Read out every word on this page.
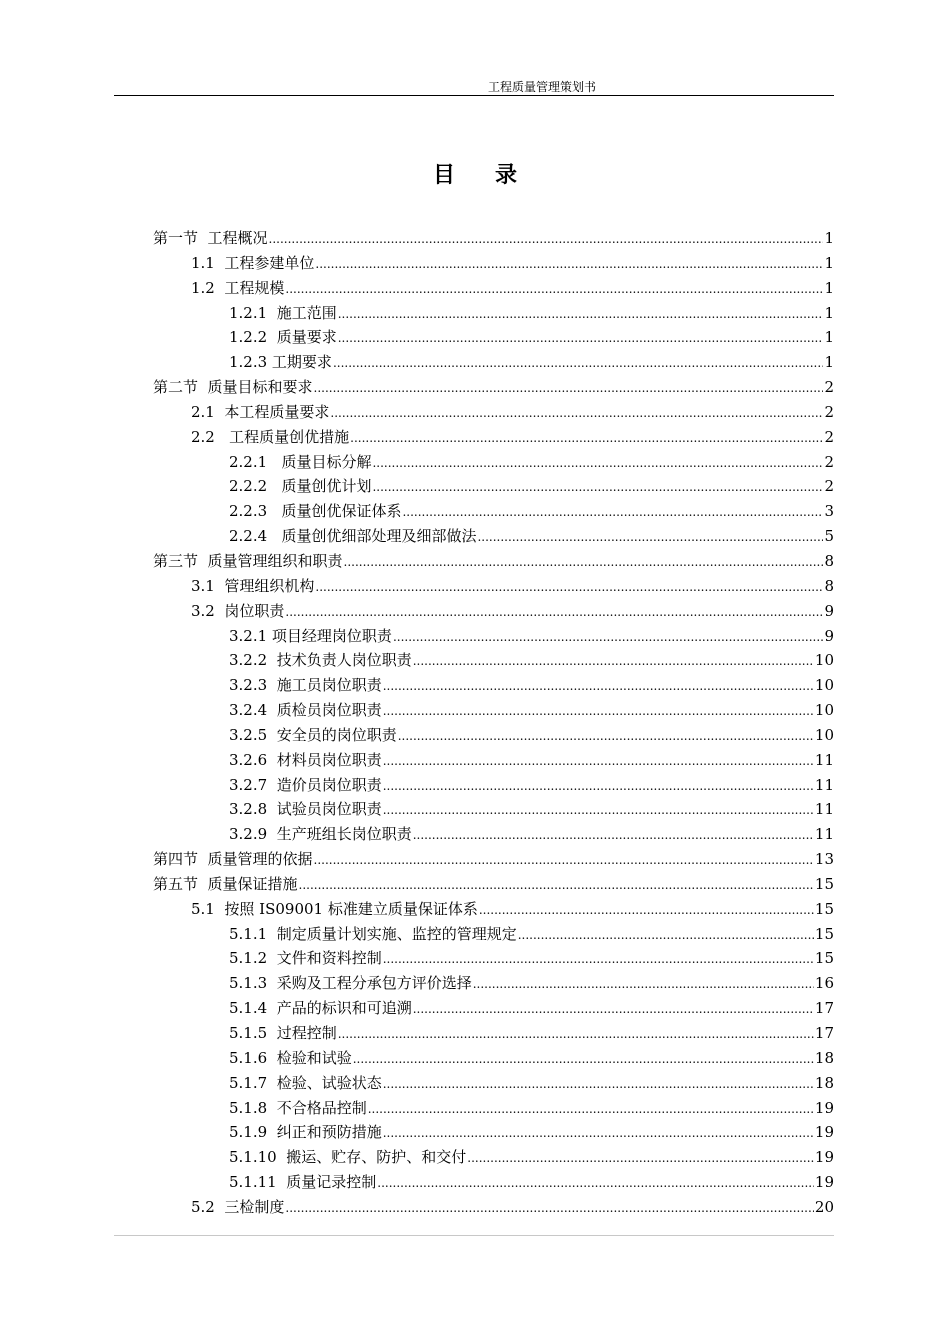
工程质量管理策划书
目录
第一节  工程概况 .....	1
1.1  工程参建单位 .....	1
1.2  工程规模 .....	1
1.2.1  施工范围 .....	1
1.2.2  质量要求 .....	1
1.2.3 工期要求 .....	1
第二节  质量目标和要求 .....	2
2.1  本工程质量要求 .....	2
2.2   工程质量创优措施 .....	2
2.2.1   质量目标分解 .....	2
2.2.2   质量创优计划 .....	2
2.2.3   质量创优保证体系 .....	3
2.2.4   质量创优细部处理及细部做法 .....	5
第三节  质量管理组织和职责 .....	8
3.1  管理组织机构 .....	8
3.2  岗位职责 .....	9
3.2.1 项目经理岗位职责 .....	9
3.2.2  技术负责人岗位职责 .....	10
3.2.3  施工员岗位职责 .....	10
3.2.4  质检员岗位职责 .....	10
3.2.5  安全员的岗位职责 .....	10
3.2.6  材料员岗位职责 .....	11
3.2.7  造价员岗位职责 .....	11
3.2.8  试验员岗位职责 .....	11
3.2.9  生产班组长岗位职责 .....	11
第四节  质量管理的依据 .....	13
第五节  质量保证措施 .....	15
5.1  按照 IS09001 标准建立质量保证体系 .....	15
5.1.1  制定质量计划实施、监控的管理规定 .....	15
5.1.2  文件和资料控制 .....	15
5.1.3  采购及工程分承包方评价选择 .....	16
5.1.4  产品的标识和可追溯 .....	17
5.1.5  过程控制 .....	17
5.1.6  检验和试验 .....	18
5.1.7  检验、试验状态 .....	18
5.1.8  不合格品控制 .....	19
5.1.9  纠正和预防措施 .....	19
5.1.10  搬运、贮存、防护、和交付 .....	19
5.1.11  质量记录控制 .....	19
5.2  三检制度 .....	20
